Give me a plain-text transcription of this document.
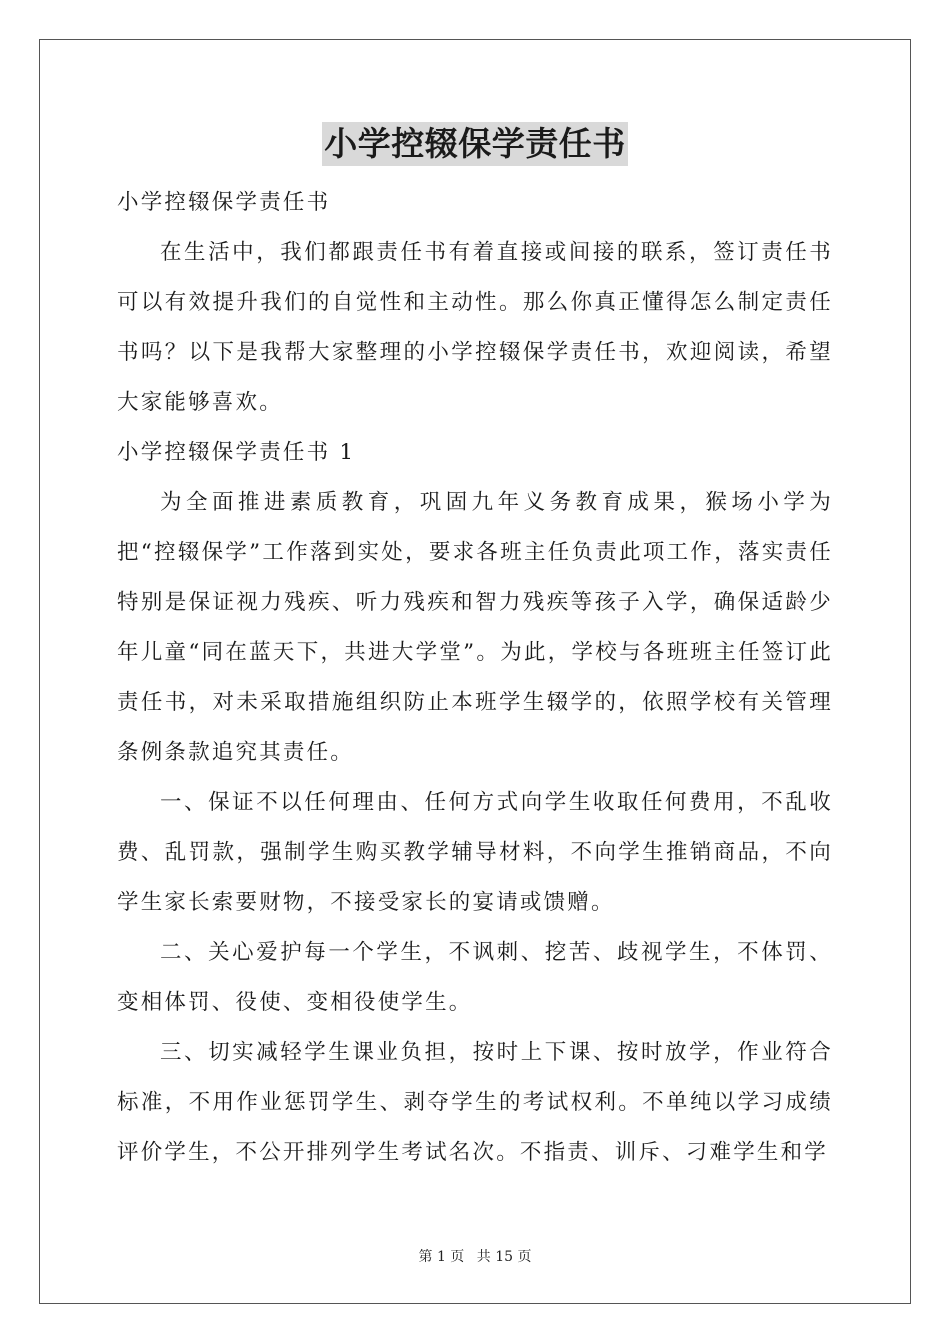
小学控辍保学责任书

小学控辍保学责任书

在生活中，我们都跟责任书有着直接或间接的联系，签订责任书可以有效提升我们的自觉性和主动性。那么你真正懂得怎么制定责任书吗？以下是我帮大家整理的小学控辍保学责任书，欢迎阅读，希望大家能够喜欢。

小学控辍保学责任书 1

为全面推进素质教育，巩固九年义务教育成果，猴场小学为把“控辍保学”工作落到实处，要求各班主任负责此项工作，落实责任特别是保证视力残疾、听力残疾和智力残疾等孩子入学，确保适龄少年儿童“同在蓝天下，共进大学堂”。为此，学校与各班班主任签订此责任书，对未采取措施组织防止本班学生辍学的，依照学校有关管理条例条款追究其责任。

一、保证不以任何理由、任何方式向学生收取任何费用，不乱收费、乱罚款，强制学生购买教学辅导材料，不向学生推销商品，不向学生家长索要财物，不接受家长的宴请或馈赠。

二、关心爱护每一个学生，不讽刺、挖苦、歧视学生，不体罚、变相体罚、役使、变相役使学生。

三、切实减轻学生课业负担，按时上下课、按时放学，作业符合标准，不用作业惩罚学生、剥夺学生的考试权利。不单纯以学习成绩评价学生，不公开排列学生考试名次。不指责、训斥、刁难学生和学

第 1 页 共 15 页
